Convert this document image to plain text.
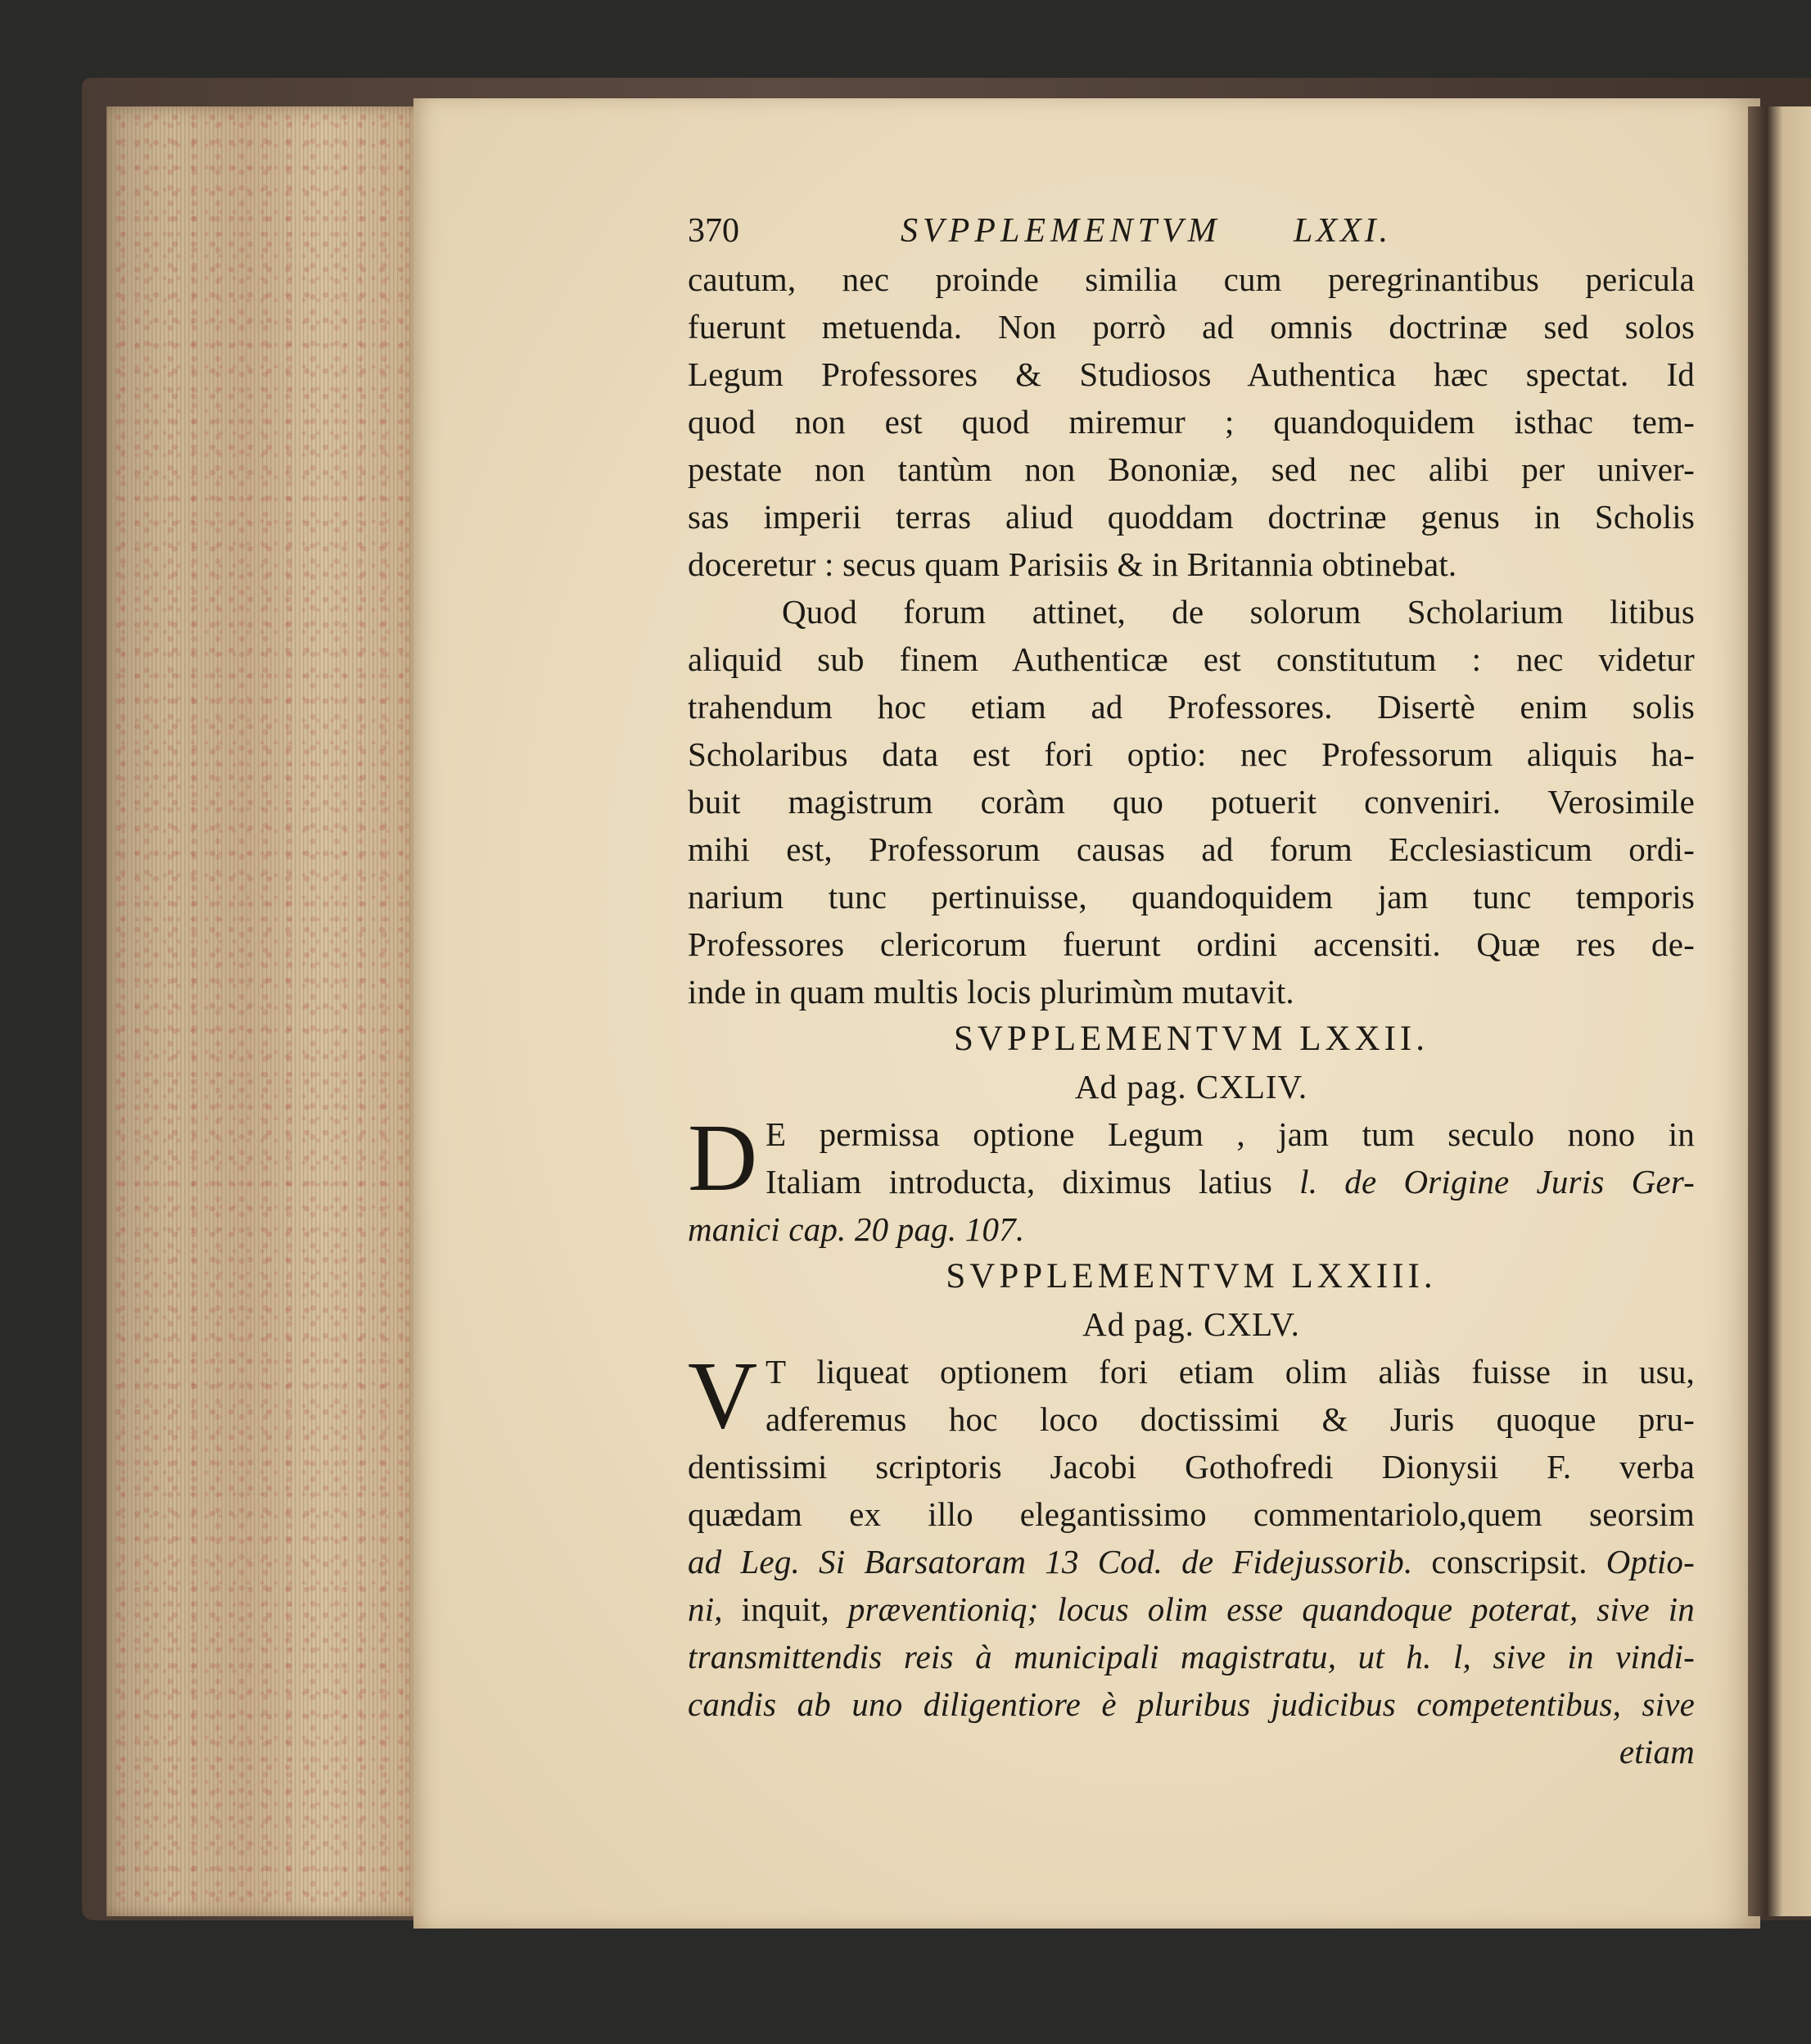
370	SVPPLEMENTVM LXXI.
cautum, nec proinde similia cum peregrinantibus pericula
fuerunt metuenda. Non porrò ad omnis doctrinæ sed solos
Legum Professores & Studiosos Authentica hæc spectat. Id
quod non est quod miremur ; quandoquidem isthac tem-
pestate non tantùm non Bononiæ, sed nec alibi per univer-
sas imperii terras aliud quoddam doctrinæ genus in Scholis
doceretur : secus quam Parisiis & in Britannia obtinebat.
Quod forum attinet, de solorum Scholarium litibus
aliquid sub finem Authenticæ est constitutum : nec videtur
trahendum hoc etiam ad Professores. Disertè enim solis
Scholaribus data est fori optio: nec Professorum aliquis ha-
buit magistrum coràm quo potuerit conveniri. Verosimile
mihi est, Professorum causas ad forum Ecclesiasticum ordi-
narium tunc pertinuisse, quandoquidem jam tunc temporis
Professores clericorum fuerunt ordini accensiti. Quæ res de-
inde in quam multis locis plurimùm mutavit.
SVPPLEMENTVM LXXII.
Ad pag. CXLIV.
D E permissa optione Legum , jam tum seculo nono in
Italiam introducta, diximus latius l. de Origine Juris Ger-
manici cap. 20 pag. 107.
SVPPLEMENTVM LXXIII.
Ad pag. CXLV.
V T liqueat optionem fori etiam olim aliàs fuisse in usu,
adferemus hoc loco doctissimi & Juris quoque pru-
dentissimi scriptoris Jacobi Gothofredi Dionysii F. verba
quædam ex illo elegantissimo commentariolo,quem seorsim
ad Leg. Si Barsatoram 13 Cod. de Fidejussorib. conscripsit. Optio-
ni, inquit, præventioniq; locus olim esse quandoque poterat, sive in
transmittendis reis à municipali magistratu, ut h. l, sive in vindi-
candis ab uno diligentiore è pluribus judicibus competentibus, sive
etiam
